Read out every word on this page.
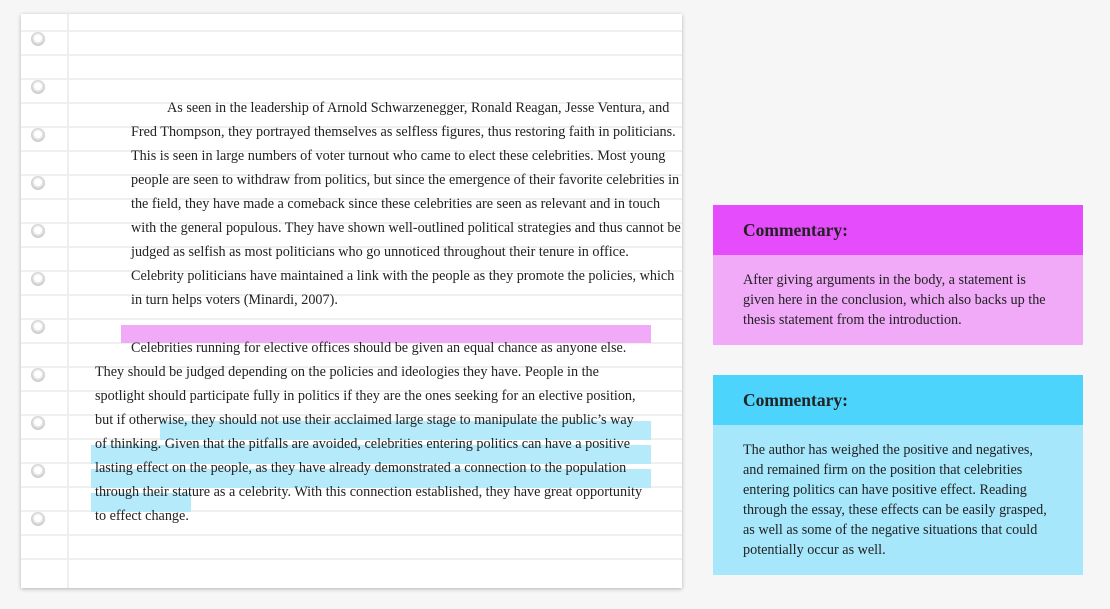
As seen in the leadership of Arnold Schwarzenegger, Ronald Reagan, Jesse Ventura, and
Fred Thompson, they portrayed themselves as selfless figures, thus restoring faith in politicians.
This is seen in large numbers of voter turnout who came to elect these celebrities. Most young
people are seen to withdraw from politics, but since the emergence of their favorite celebrities in
the field, they have made a comeback since these celebrities are seen as relevant and in touch
with the general populous. They have shown well-outlined political strategies and thus cannot be
judged as selfish as most politicians who go unnoticed throughout their tenure in office.
Celebrity politicians have maintained a link with the people as they promote the policies, which
in turn helps voters (Minardi, 2007).
Celebrities running for elective offices should be given an equal chance as anyone else.
They should be judged depending on the policies and ideologies they have. People in the
spotlight should participate fully in politics if they are the ones seeking for an elective position,
but if otherwise, they should not use their acclaimed large stage to manipulate the public’s way
of thinking. Given that the pitfalls are avoided, celebrities entering politics can have a positive
lasting effect on the people, as they have already demonstrated a connection to the population
through their stature as a celebrity. With this connection established, they have great opportunity
to effect change.
Commentary:
After giving arguments in the body, a statement is given here in the conclusion, which also backs up the thesis statement from the introduction.
Commentary:
The author has weighed the positive and negatives, and remained firm on the position that celebrities entering politics can have positive effect. Reading through the essay, these effects can be easily grasped, as well as some of the negative situations that could potentially occur as well.
